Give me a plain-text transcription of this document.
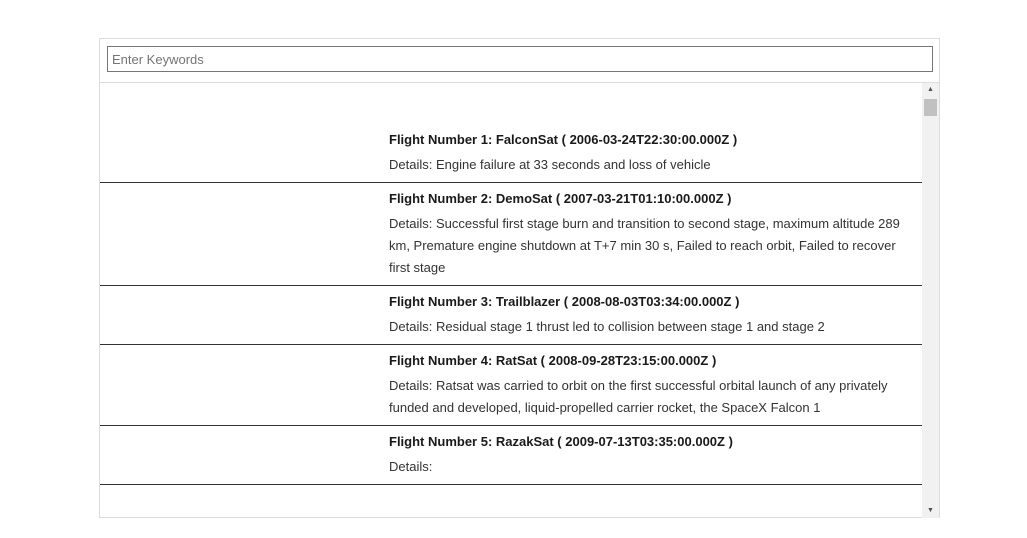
Enter Keywords
Flight Number 1: FalconSat ( 2006-03-24T22:30:00.000Z )
Details: Engine failure at 33 seconds and loss of vehicle
Flight Number 2: DemoSat ( 2007-03-21T01:10:00.000Z )
Details: Successful first stage burn and transition to second stage, maximum altitude 289 km, Premature engine shutdown at T+7 min 30 s, Failed to reach orbit, Failed to recover first stage
Flight Number 3: Trailblazer ( 2008-08-03T03:34:00.000Z )
Details: Residual stage 1 thrust led to collision between stage 1 and stage 2
Flight Number 4: RatSat ( 2008-09-28T23:15:00.000Z )
Details: Ratsat was carried to orbit on the first successful orbital launch of any privately funded and developed, liquid-propelled carrier rocket, the SpaceX Falcon 1
Flight Number 5: RazakSat ( 2009-07-13T03:35:00.000Z )
Details:
▲
▼
